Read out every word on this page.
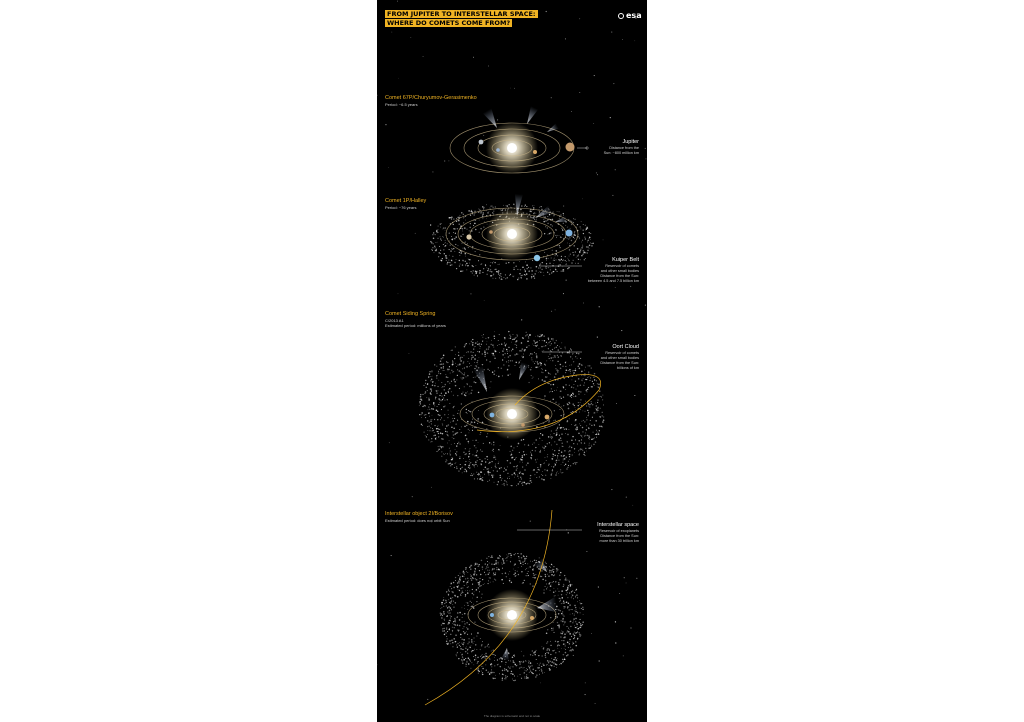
FROM JUPITER TO INTERSTELLAR SPACE:
WHERE DO COMETS COME FROM?
esa
Comet 67P/Churyumov-Gerasimenko
Period: ~6.5 years
Jupiter
Distance from the
Sun: ~800 million km
Comet 1P/Halley
Period: ~76 years
Kuiper Belt
Reservoir of comets
and other small bodies
Distance from the Sun:
between 4.5 and 7.5 billion km
Comet Siding Spring
C/2013 A1
Estimated period: millions of years
Oort Cloud
Reservoir of comets
and other small bodies
Distance from the Sun:
billions of km
Interstellar object 2I/Borisov
Estimated period: does not orbit Sun
Interstellar space
Reservoir of exoplanets
Distance from the Sun:
more than 30 trillion km
The diagram is schematic and not to scale
